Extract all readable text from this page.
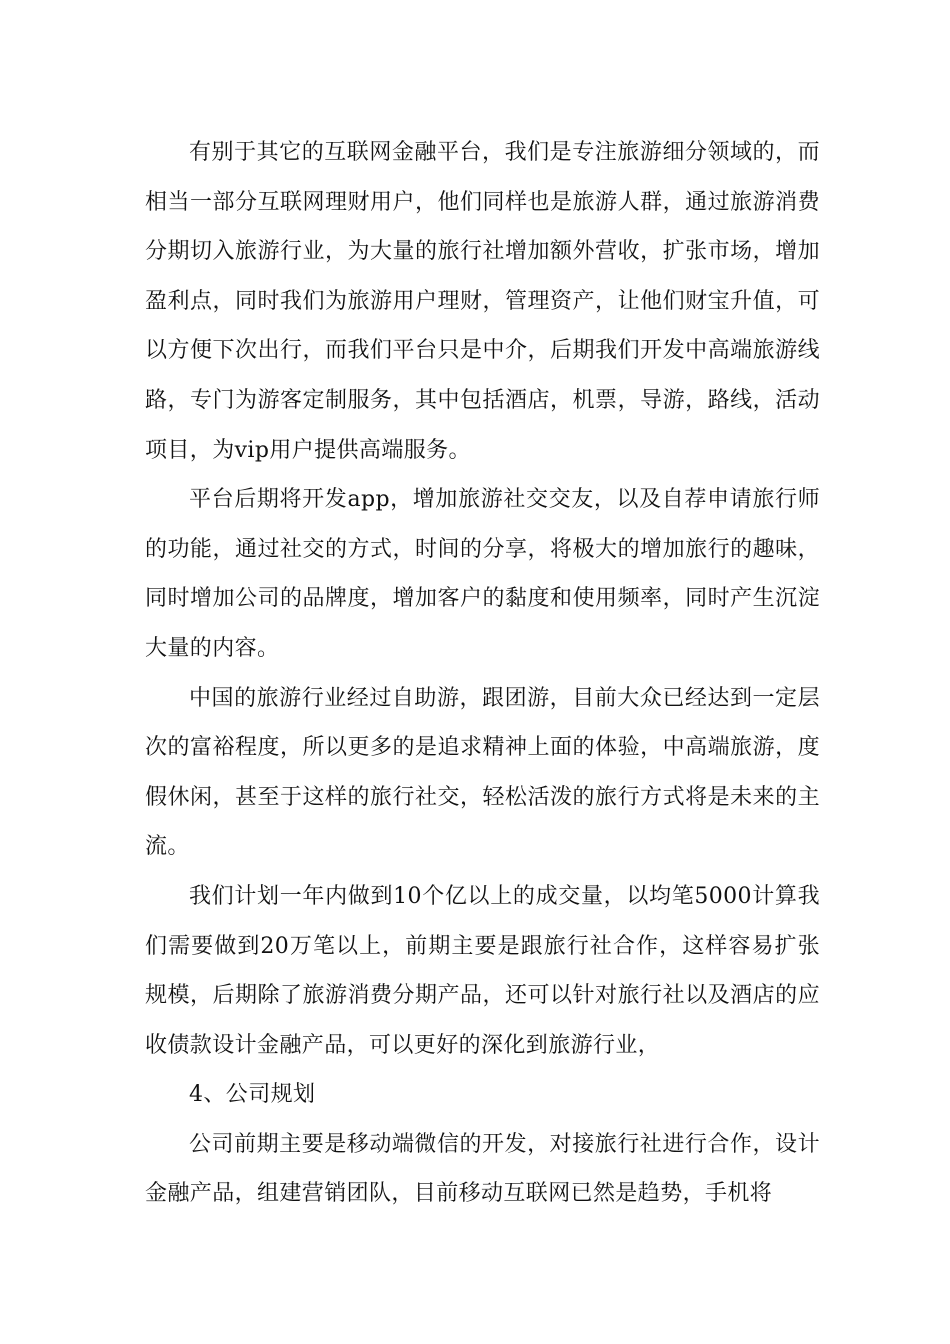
有别于其它的互联网金融平台，我们是专注旅游细分领域的，而相当一部分互联网理财用户，他们同样也是旅游人群，通过旅游消费分期切入旅游行业，为大量的旅行社增加额外营收，扩张市场，增加盈利点，同时我们为旅游用户理财，管理资产，让他们财宝升值，可以方便下次出行，而我们平台只是中介，后期我们开发中高端旅游线路，专门为游客定制服务，其中包括酒店，机票，导游，路线，活动项目，为vip用户提供高端服务。

平台后期将开发app，增加旅游社交交友，以及自荐申请旅行师的功能，通过社交的方式，时间的分享，将极大的增加旅行的趣味，同时增加公司的品牌度，增加客户的黏度和使用频率，同时产生沉淀大量的内容。

中国的旅游行业经过自助游，跟团游，目前大众已经达到一定层次的富裕程度，所以更多的是追求精神上面的体验，中高端旅游，度假休闲，甚至于这样的旅行社交，轻松活泼的旅行方式将是未来的主流。

我们计划一年内做到10个亿以上的成交量，以均笔5000计算我们需要做到20万笔以上，前期主要是跟旅行社合作，这样容易扩张规模，后期除了旅游消费分期产品，还可以针对旅行社以及酒店的应收债款设计金融产品，可以更好的深化到旅游行业，

4、公司规划

公司前期主要是移动端微信的开发，对接旅行社进行合作，设计金融产品，组建营销团队，目前移动互联网已然是趋势，手机将
